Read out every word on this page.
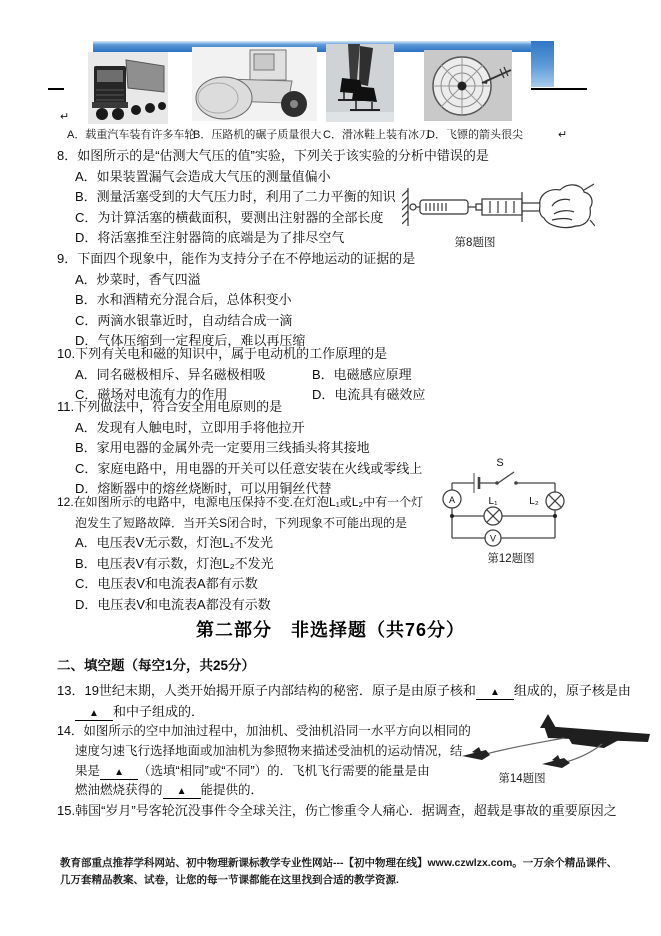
A．载重汽车装有许多车轮
B．压路机的碾子质量很大 C．滑冰鞋上装有冰刀
D．飞镖的箭头很尖	↵
↵
8．如图所示的是“估测大气压的值”实验，下列关于该实验的分析中错误的是
A．如果装置漏气会造成大气压的测量值偏小
B．测量活塞受到的大气压力时，利用了二力平衡的知识
C．为计算活塞的横截面积，要测出注射器的全部长度
D．将活塞推至注射器筒的底端是为了排尽空气	第8题图
9．下面四个现象中，能作为支持分子在不停地运动的证据的是
A．炒菜时，香气四溢
B．水和酒精充分混合后，总体积变小
C．两滴水银靠近时，自动结合成一滴
D．气体压缩到一定程度后，难以再压缩
10.下列有关电和磁的知识中，属于电动机的工作原理的是
A．同名磁极相斥、异名磁极相吸	B．电磁感应原理
C．磁场对电流有力的作用	D．电流具有磁效应
11.下列做法中，符合安全用电原则的是
A．发现有人触电时，立即用手将他拉开
B．家用电器的金属外壳一定要用三线插头将其接地
C．家庭电路中，用电器的开关可以任意安装在火线或零线上
D．熔断器中的熔丝烧断时，可以用铜丝代替
12.在如图所示的电路中，电源电压保持不变.在灯泡L₁或L₂中有一个灯
泡发生了短路故障．当开关S闭合时，下列现象不可能出现的是
A．电压表V无示数，灯泡L₁不发光
B．电压表V有示数，灯泡L₂不发光
C．电压表V和电流表A都有示数
D．电压表V和电流表A都没有示数
S
L₁	L₂
A
V
第12题图
第二部分　非选择题（共76分）
二、填空题（每空1分，共25分）
13．19世纪末期，人类开始揭开原子内部结构的秘密．原子是由原子核和 ▲ 组成的，原子核是由
▲ 和中子组成的．
14．如图所示的空中加油过程中，加油机、受油机沿同一水平方向以相同的
速度匀速飞行选择地面或加油机为参照物来描述受油机的运动情况，结
果是 ▲ （选填“相同”或“不同”）的．飞机飞行需要的能量是由
燃油燃烧获得的 ▲ 能提供的．
第14题图
15.韩国“岁月”号客轮沉没事件令全球关注，伤亡惨重令人痛心．据调查，超载是事故的重要原因之
教育部重点推荐学科网站、初中物理新课标教学专业性网站---【初中物理在线】www.czwlzx.com。一万余个精品课件、
几万套精品教案、试卷，让您的每一节课都能在这里找到合适的教学资源.
